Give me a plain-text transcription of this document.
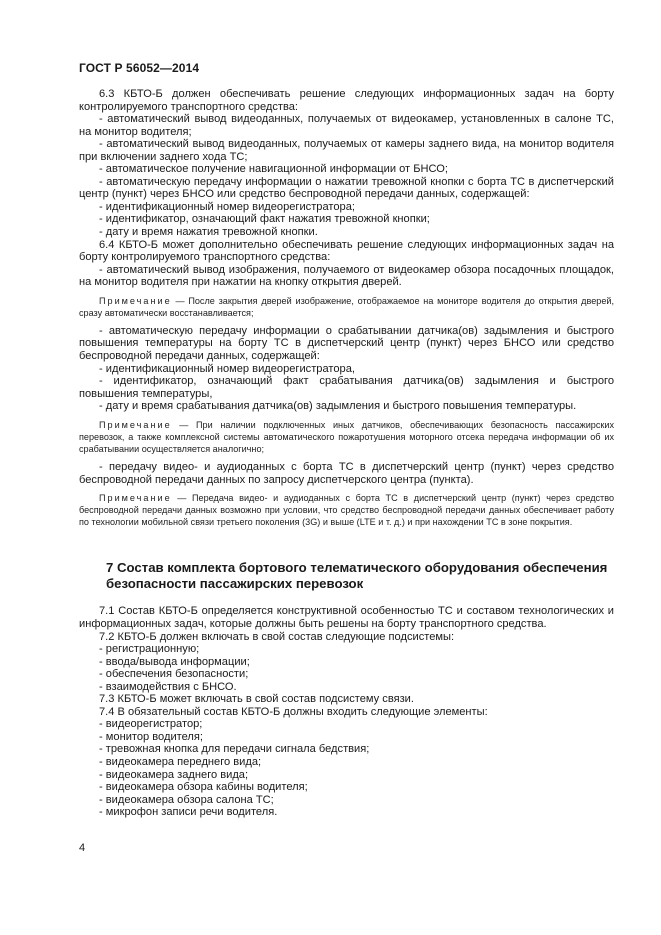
ГОСТ Р 56052—2014

6.3 КБТО-Б должен обеспечивать решение следующих информационных задач на борту контролируемого транспортного средства:

- автоматический вывод видеоданных, получаемых от видеокамер, установленных в салоне ТС, на монитор водителя;

- автоматический вывод видеоданных, получаемых от камеры заднего вида, на монитор водителя при включении заднего хода ТС;

- автоматическое получение навигационной информации от БНСО;

- автоматическую передачу информации о нажатии тревожной кнопки с борта ТС в диспетчерский центр (пункт) через БНСО или средство беспроводной передачи данных, содержащей:

- идентификационный номер видеорегистратора;

- идентификатор, означающий факт нажатия тревожной кнопки;

- дату и время нажатия тревожной кнопки.

6.4 КБТО-Б может дополнительно обеспечивать решение следующих информационных задач на борту контролируемого транспортного средства:

- автоматический вывод изображения, получаемого от видеокамер обзора посадочных площадок, на монитор водителя при нажатии на кнопку открытия дверей.

Примечание — После закрытия дверей изображение, отображаемое на мониторе водителя до открытия дверей, сразу автоматически восстанавливается;

- автоматическую передачу информации о срабатывании датчика(ов) задымления и быстрого повышения температуры на борту ТС в диспетчерский центр (пункт) через БНСО или средство беспроводной передачи данных, содержащей:

- идентификационный номер видеорегистратора,

- идентификатор, означающий факт срабатывания датчика(ов) задымления и быстрого повышения температуры,

- дату и время срабатывания датчика(ов) задымления и быстрого повышения температуры.

Примечание — При наличии подключенных иных датчиков, обеспечивающих безопасность пассажирских перевозок, а также комплексной системы автоматического пожаротушения моторного отсека передача информации об их срабатывании осуществляется аналогично;

- передачу видео- и аудиоданных с борта ТС в диспетчерский центр (пункт) через средство беспроводной передачи данных по запросу диспетчерского центра (пункта).

Примечание — Передача видео- и аудиоданных с борта ТС в диспетчерский центр (пункт) через средство беспроводной передачи данных возможно при условии, что средство беспроводной передачи данных обеспечивает работу по технологии мобильной связи третьего поколения (3G) и выше (LTE и т. д.) и при нахождении ТС в зоне покрытия.

7 Состав комплекта бортового телематического оборудования обеспечения безопасности пассажирских перевозок

7.1 Состав КБТО-Б определяется конструктивной особенностью ТС и составом технологических и информационных задач, которые должны быть решены на борту транспортного средства.

7.2 КБТО-Б должен включать в свой состав следующие подсистемы:

- регистрационную;

- ввода/вывода информации;

- обеспечения безопасности;

- взаимодействия с БНСО.

7.3 КБТО-Б может включать в свой состав подсистему связи.

7.4 В обязательный состав КБТО-Б должны входить следующие элементы:

- видеорегистратор;

- монитор водителя;

- тревожная кнопка для передачи сигнала бедствия;

- видеокамера переднего вида;

- видеокамера заднего вида;

- видеокамера обзора кабины водителя;

- видеокамера обзора салона ТС;

- микрофон записи речи водителя.

4
